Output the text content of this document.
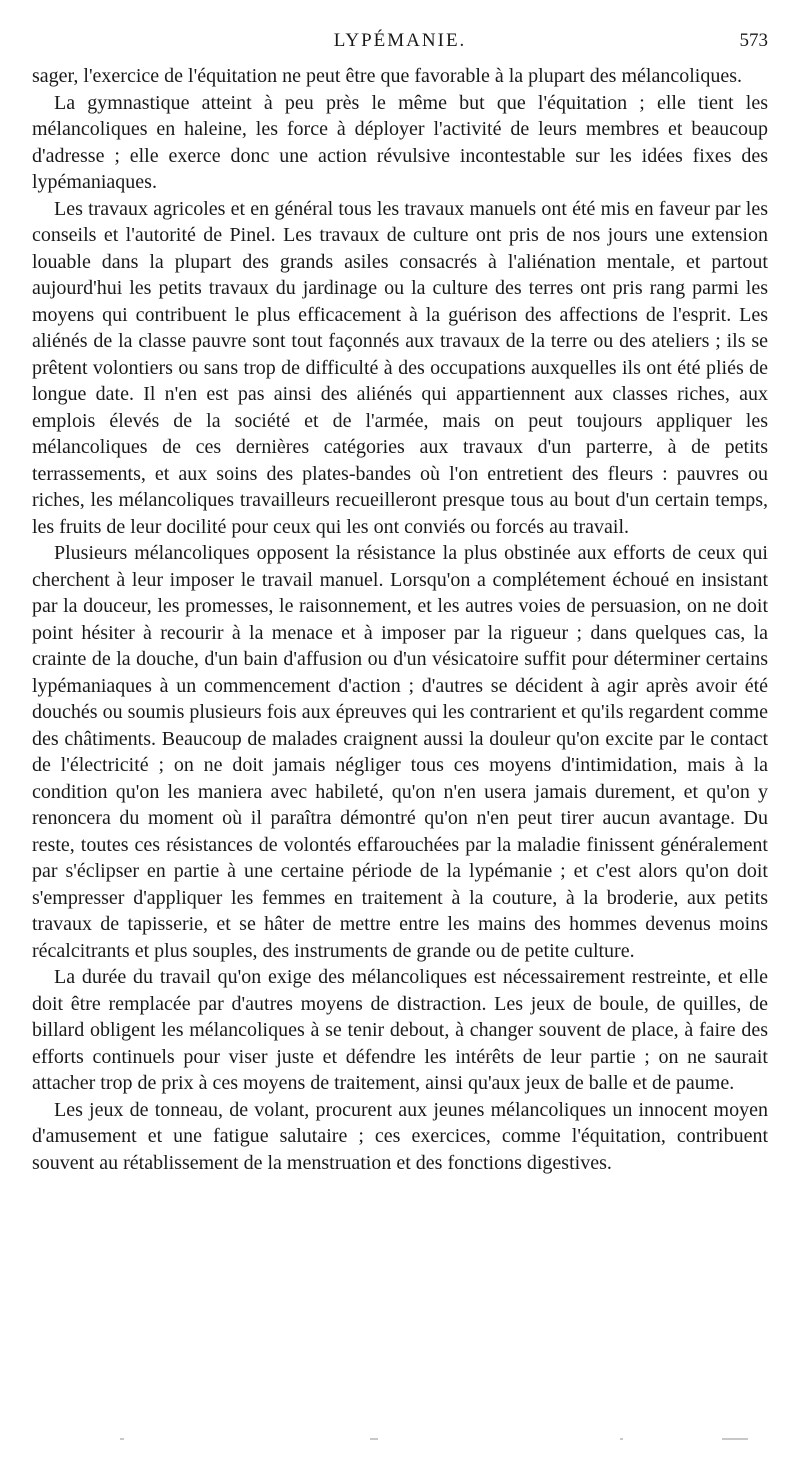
LYPÉMANIE.	573

sager, l'exercice de l'équitation ne peut être que favorable à la plupart des mélancoliques.

La gymnastique atteint à peu près le même but que l'équitation ; elle tient les mélancoliques en haleine, les force à déployer l'activité de leurs membres et beaucoup d'adresse ; elle exerce donc une action révulsive incontestable sur les idées fixes des lypémaniaques.

Les travaux agricoles et en général tous les travaux manuels ont été mis en faveur par les conseils et l'autorité de Pinel. Les travaux de culture ont pris de nos jours une extension louable dans la plupart des grands asiles consacrés à l'aliénation mentale, et partout aujourd'hui les petits travaux du jardinage ou la culture des terres ont pris rang parmi les moyens qui contribuent le plus efficacement à la guérison des affections de l'esprit. Les aliénés de la classe pauvre sont tout façonnés aux travaux de la terre ou des ateliers ; ils se prêtent volontiers ou sans trop de difficulté à des occupations auxquelles ils ont été pliés de longue date. Il n'en est pas ainsi des aliénés qui appartiennent aux classes riches, aux emplois élevés de la société et de l'armée, mais on peut toujours appliquer les mélancoliques de ces dernières catégories aux travaux d'un parterre, à de petits terrassements, et aux soins des plates-bandes où l'on entretient des fleurs : pauvres ou riches, les mélancoliques travailleurs recueilleront presque tous au bout d'un certain temps, les fruits de leur docilité pour ceux qui les ont conviés ou forcés au travail.

Plusieurs mélancoliques opposent la résistance la plus obstinée aux efforts de ceux qui cherchent à leur imposer le travail manuel. Lorsqu'on a complétement échoué en insistant par la douceur, les promesses, le raisonnement, et les autres voies de persuasion, on ne doit point hésiter à recourir à la menace et à imposer par la rigueur ; dans quelques cas, la crainte de la douche, d'un bain d'affusion ou d'un vésicatoire suffit pour déterminer certains lypémaniaques à un commencement d'action ; d'autres se décident à agir après avoir été douchés ou soumis plusieurs fois aux épreuves qui les contrarient et qu'ils regardent comme des châtiments. Beaucoup de malades craignent aussi la douleur qu'on excite par le contact de l'électricité ; on ne doit jamais négliger tous ces moyens d'intimidation, mais à la condition qu'on les maniera avec habileté, qu'on n'en usera jamais durement, et qu'on y renoncera du moment où il paraîtra démontré qu'on n'en peut tirer aucun avantage. Du reste, toutes ces résistances de volontés effarouchées par la maladie finissent généralement par s'éclipser en partie à une certaine période de la lypémanie ; et c'est alors qu'on doit s'empresser d'appliquer les femmes en traitement à la couture, à la broderie, aux petits travaux de tapisserie, et se hâter de mettre entre les mains des hommes devenus moins récalcitrants et plus souples, des instruments de grande ou de petite culture.

La durée du travail qu'on exige des mélancoliques est nécessairement restreinte, et elle doit être remplacée par d'autres moyens de distraction. Les jeux de boule, de quilles, de billard obligent les mélancoliques à se tenir debout, à changer souvent de place, à faire des efforts continuels pour viser juste et défendre les intérêts de leur partie ; on ne saurait attacher trop de prix à ces moyens de traitement, ainsi qu'aux jeux de balle et de paume.

Les jeux de tonneau, de volant, procurent aux jeunes mélancoliques un innocent moyen d'amusement et une fatigue salutaire ; ces exercices, comme l'équitation, contribuent souvent au rétablissement de la menstruation et des fonctions digestives.
